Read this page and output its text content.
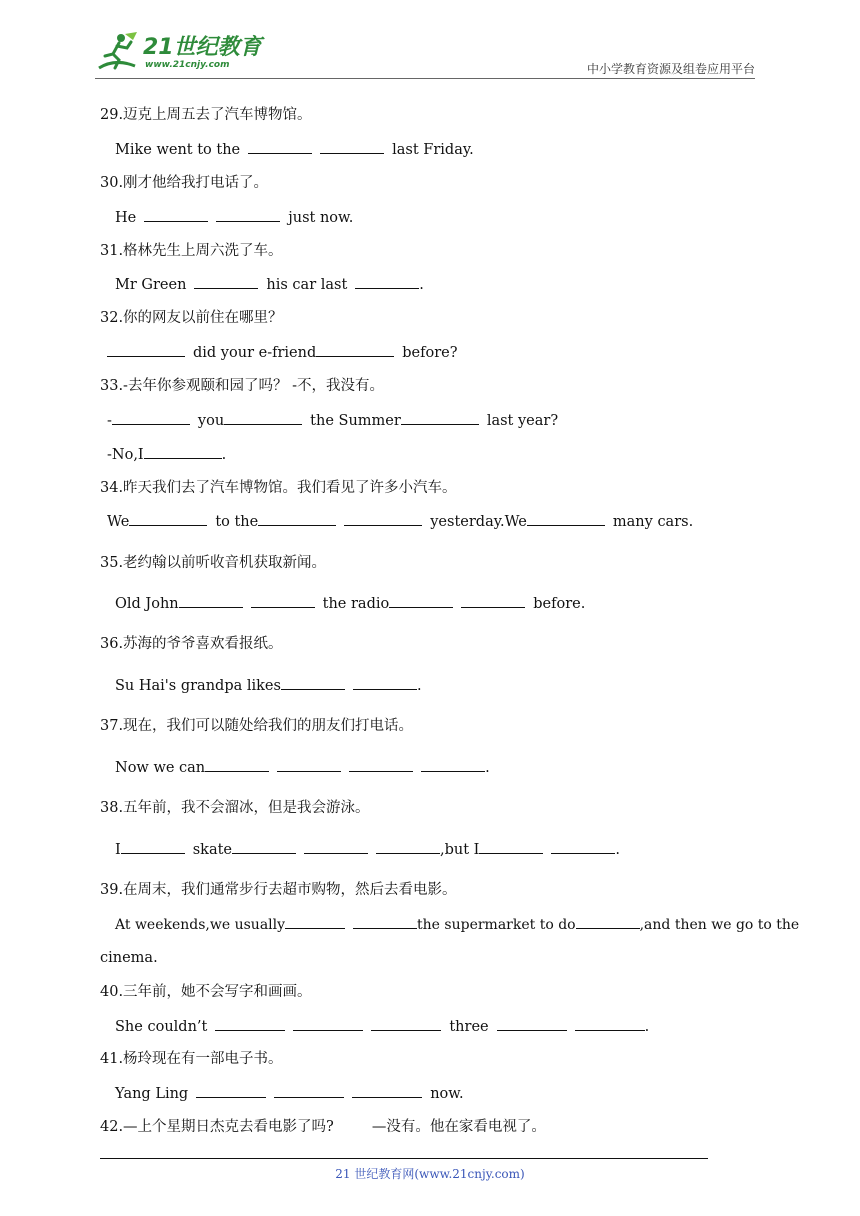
21世纪教育
www.21cnjy.com	中小学教育资源及组卷应用平台
29.迈克上周五去了汽车博物馆。
Mike went to the	last Friday.
30.刚才他给我打电话了。
He	just now.
31.格林先生上周六洗了车。
Mr Green	his car last	.
32.你的网友以前住在哪里？
did your e-friend	before?
33.-去年你参观颐和园了吗？ -不，我没有。
-	you	the Summer	last year?
-No,I	.
34.昨天我们去了汽车博物馆。我们看见了许多小汽车。
We	to the	yesterday.We	many cars.
35.老约翰以前听收音机获取新闻。
Old John	the radio	before.
36.苏海的爷爷喜欢看报纸。
Su Hai's grandpa likes	.
37.现在，我们可以随处给我们的朋友们打电话。
Now we can	.
38.五年前，我不会溜冰，但是我会游泳。
I	skate	,but I	.
39.在周末，我们通常步行去超市购物，然后去看电影。
At weekends,we usually	the supermarket to do	,and then we go to the
cinema.
40.三年前，她不会写字和画画。
She couldn’t	three	.
41.杨玲现在有一部电子书。
Yang Ling	now.
42.—上个星期日杰克去看电影了吗?	—没有。他在家看电视了。
21 世纪教育网(www.21cnjy.com)
